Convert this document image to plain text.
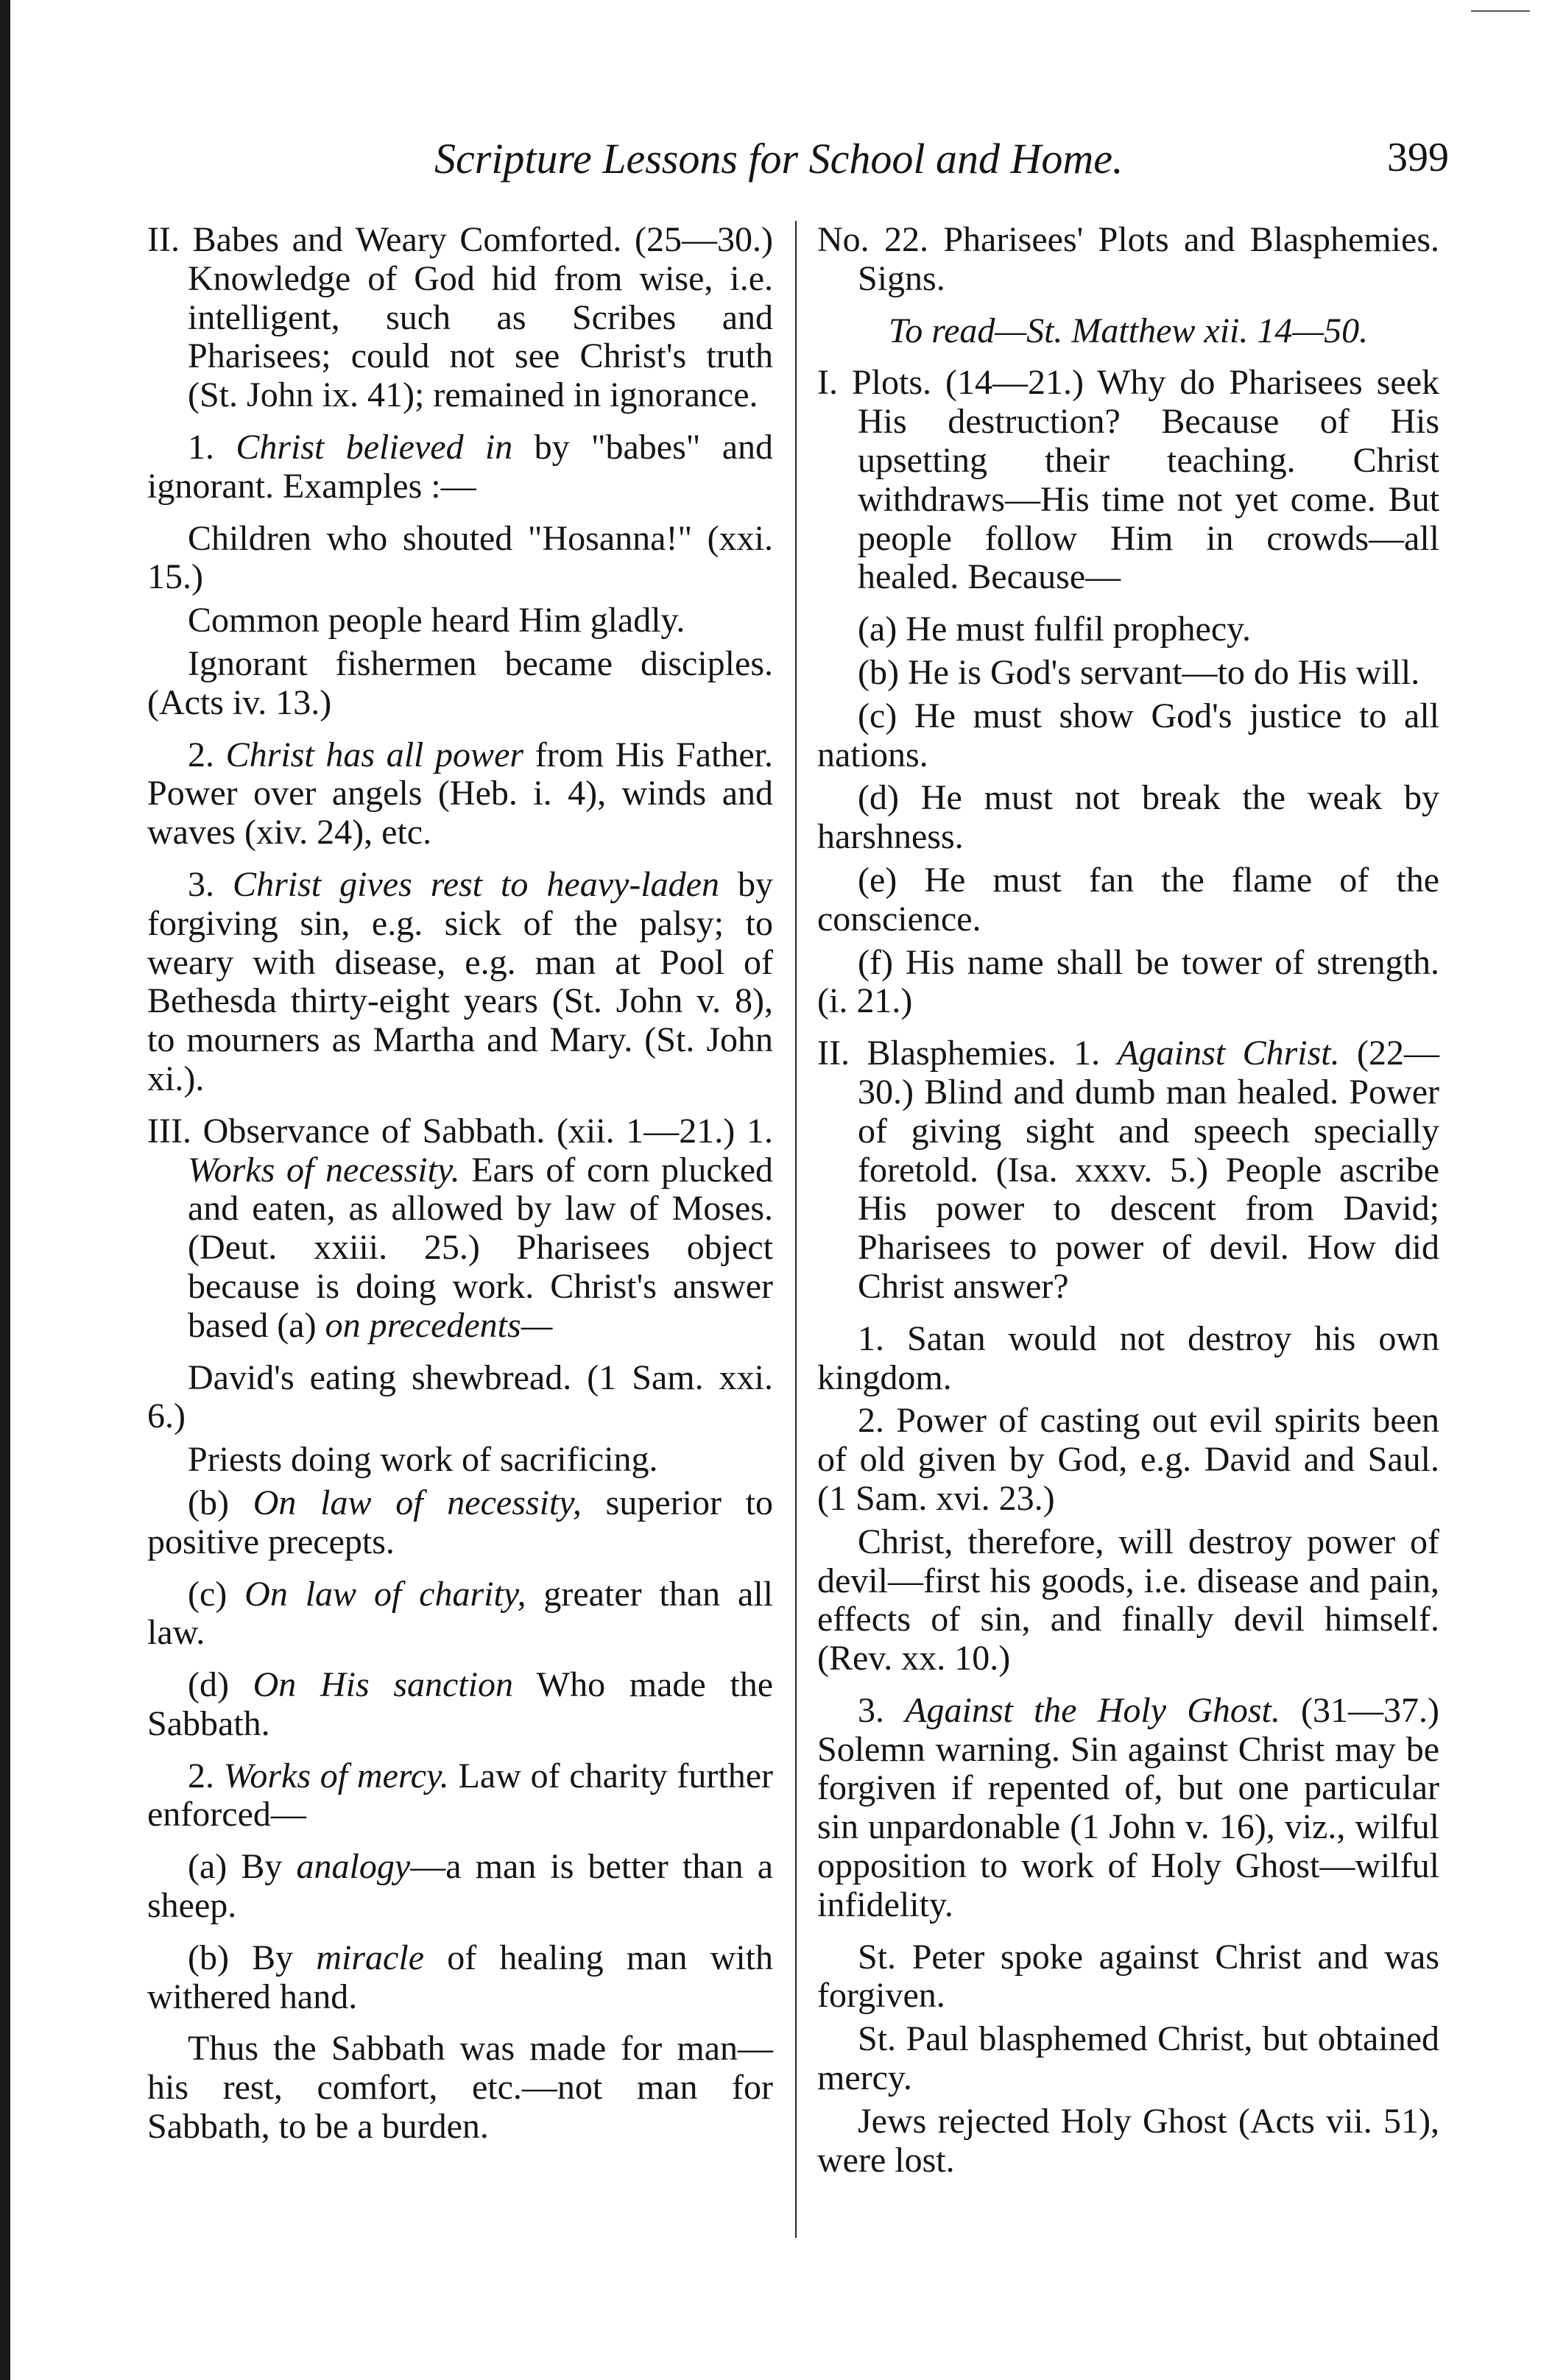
Scripture Lessons for School and Home.	399

II. Babes and Weary Comforted. (25—30.) Knowledge of God hid from wise, i.e. intelligent, such as Scribes and Pharisees; could not see Christ's truth (St. John ix. 41); remained in ignorance.

1. Christ believed in by "babes" and ignorant. Examples :—

Children who shouted "Hosanna!" (xxi. 15.)

Common people heard Him gladly.

Ignorant fishermen became disciples. (Acts iv. 13.)

2. Christ has all power from His Father. Power over angels (Heb. i. 4), winds and waves (xiv. 24), etc.

3. Christ gives rest to heavy-laden by forgiving sin, e.g. sick of the palsy; to weary with disease, e.g. man at Pool of Bethesda thirty-eight years (St. John v. 8), to mourners as Martha and Mary. (St. John xi.).

III. Observance of Sabbath. (xii. 1—21.) 1. Works of necessity. Ears of corn plucked and eaten, as allowed by law of Moses. (Deut. xxiii. 25.) Pharisees object because is doing work. Christ's answer based (a) on precedents—

David's eating shewbread. (1 Sam. xxi. 6.)

Priests doing work of sacrificing.

(b) On law of necessity, superior to positive precepts.

(c) On law of charity, greater than all law.

(d) On His sanction Who made the Sabbath.

2. Works of mercy. Law of charity further enforced—

(a) By analogy—a man is better than a sheep.

(b) By miracle of healing man with withered hand.

Thus the Sabbath was made for man—his rest, comfort, etc.—not man for Sabbath, to be a burden.

No. 22. Pharisees' Plots and Blasphemies. Signs.

To read—St. Matthew xii. 14—50.

I. Plots. (14—21.) Why do Pharisees seek His destruction? Because of His upsetting their teaching. Christ withdraws—His time not yet come. But people follow Him in crowds—all healed. Because—

(a) He must fulfil prophecy.

(b) He is God's servant—to do His will.

(c) He must show God's justice to all nations.

(d) He must not break the weak by harshness.

(e) He must fan the flame of the conscience.

(f) His name shall be tower of strength. (i. 21.)

II. Blasphemies. 1. Against Christ. (22—30.) Blind and dumb man healed. Power of giving sight and speech specially foretold. (Isa. xxxv. 5.) People ascribe His power to descent from David; Pharisees to power of devil. How did Christ answer?

1. Satan would not destroy his own kingdom.

2. Power of casting out evil spirits been of old given by God, e.g. David and Saul. (1 Sam. xvi. 23.)

Christ, therefore, will destroy power of devil—first his goods, i.e. disease and pain, effects of sin, and finally devil himself. (Rev. xx. 10.)

3. Against the Holy Ghost. (31—37.) Solemn warning. Sin against Christ may be forgiven if repented of, but one particular sin unpardonable (1 John v. 16), viz., wilful opposition to work of Holy Ghost—wilful infidelity.

St. Peter spoke against Christ and was forgiven.

St. Paul blasphemed Christ, but obtained mercy.

Jews rejected Holy Ghost (Acts vii. 51), were lost.
